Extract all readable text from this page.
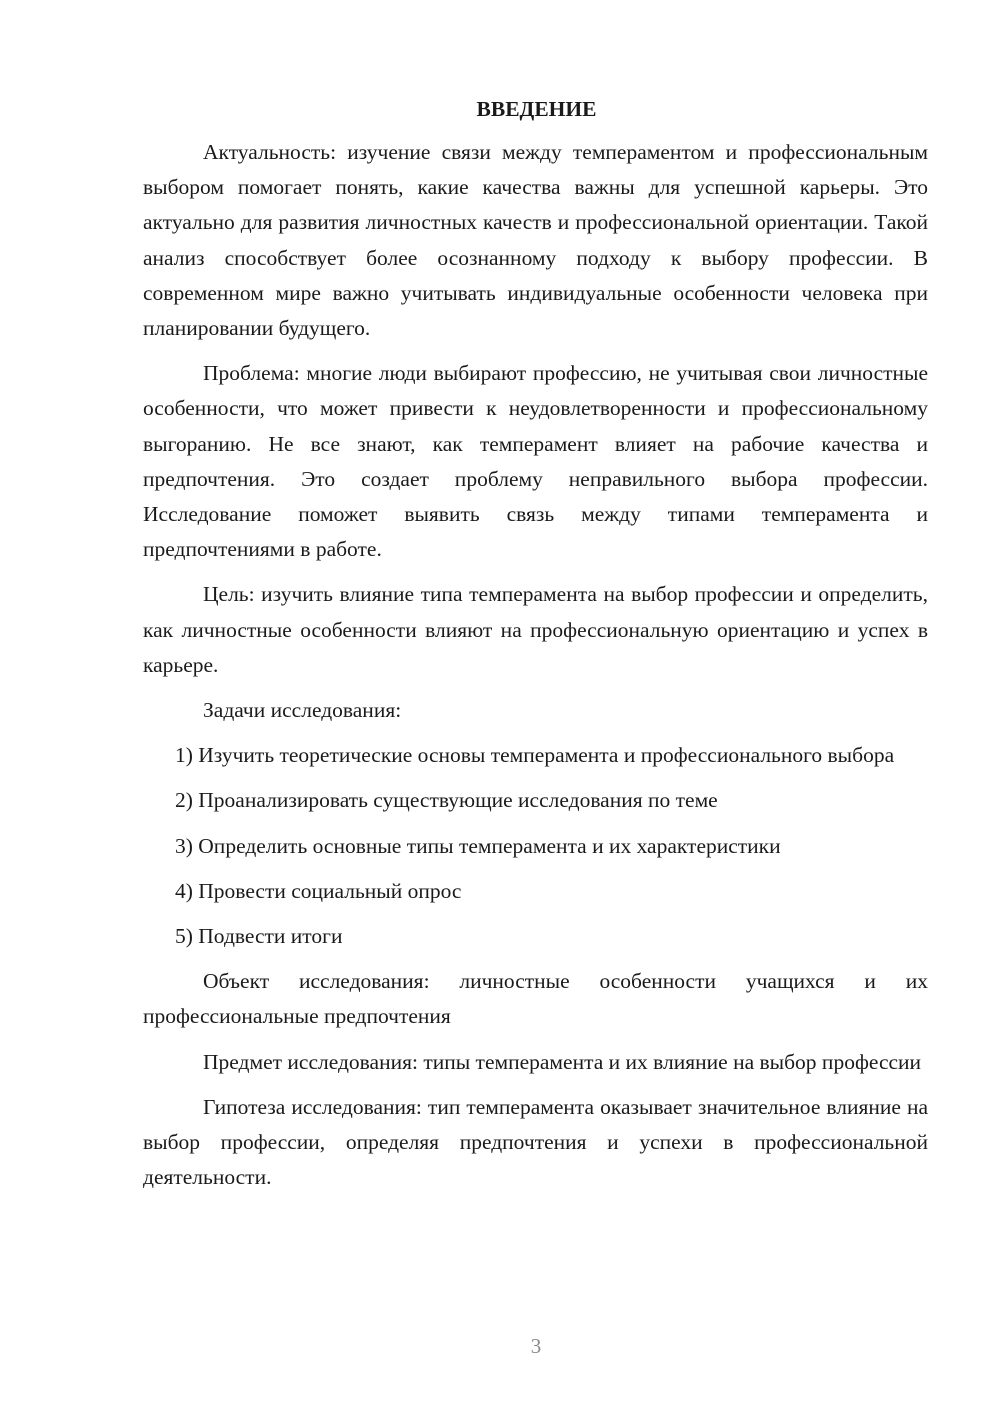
ВВЕДЕНИЕ

Актуальность: изучение связи между темпераментом и профессиональным выбором помогает понять, какие качества важны для успешной карьеры. Это актуально для развития личностных качеств и профессиональной ориентации. Такой анализ способствует более осознанному подходу к выбору профессии. В современном мире важно учитывать индивидуальные особенности человека при планировании будущего.

Проблема: многие люди выбирают профессию, не учитывая свои личностные особенности, что может привести к неудовлетворенности и профессиональному выгоранию. Не все знают, как темперамент влияет на рабочие качества и предпочтения. Это создает проблему неправильного выбора профессии. Исследование поможет выявить связь между типами темперамента и предпочтениями в работе.

Цель: изучить влияние типа темперамента на выбор профессии и определить, как личностные особенности влияют на профессиональную ориентацию и успех в карьере.

Задачи исследования:

1) Изучить теоретические основы темперамента и профессионального выбора

2) Проанализировать существующие исследования по теме

3) Определить основные типы темперамента и их характеристики

4) Провести социальный опрос

5) Подвести итоги

Объект исследования: личностные особенности учащихся и их профессиональные предпочтения

Предмет исследования: типы темперамента и их влияние на выбор профессии

Гипотеза исследования: тип темперамента оказывает значительное влияние на выбор профессии, определяя предпочтения и успехи в профессиональной деятельности.

3
